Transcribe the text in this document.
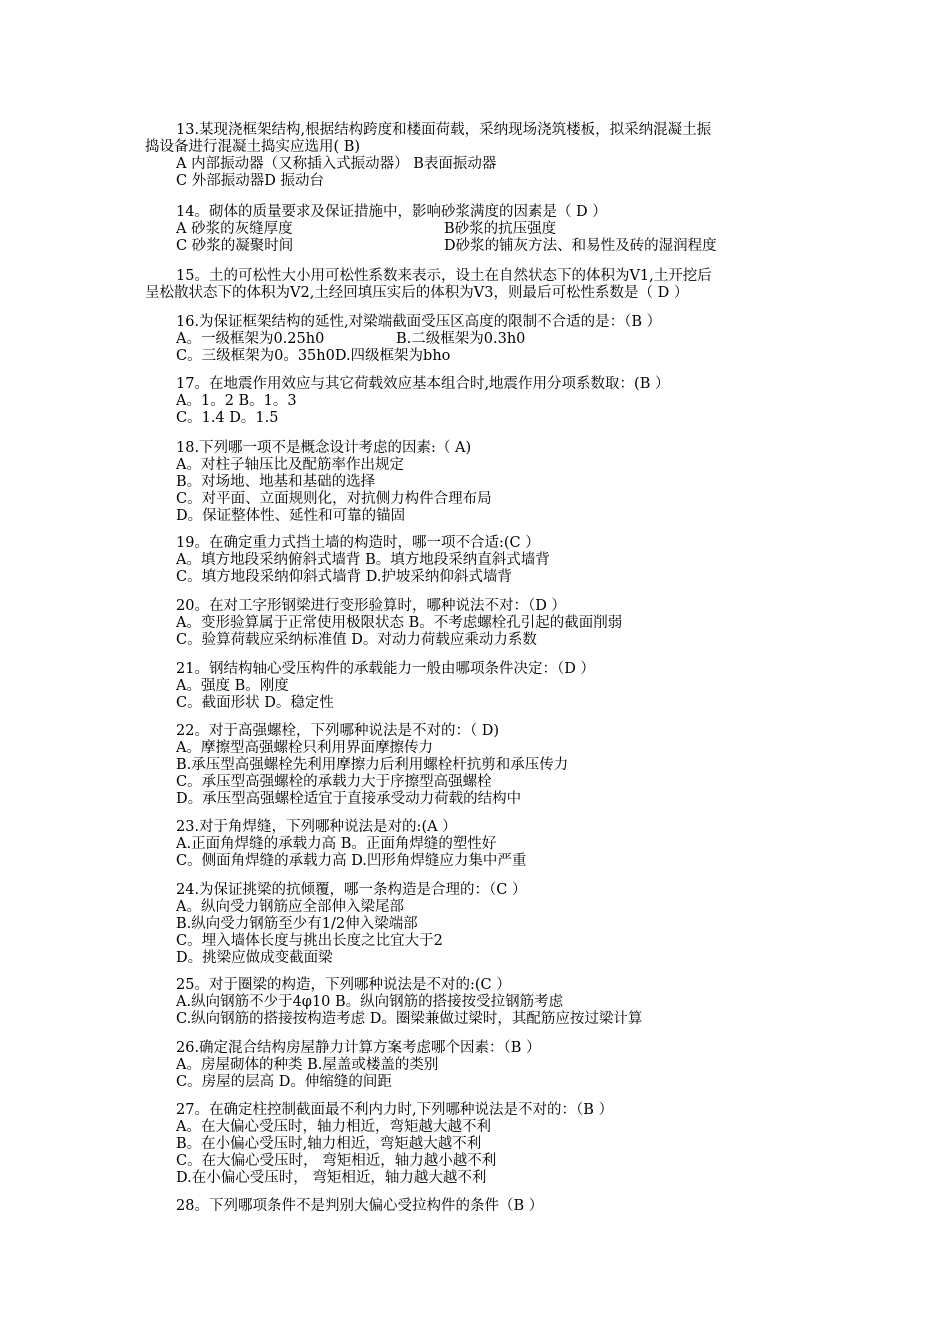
13.某现浇框架结构,根据结构跨度和楼面荷载，采纳现场浇筑楼板，拟采纳混凝土振
捣设备进行混凝土捣实应选用( B)
A 内部振动器（又称插入式振动器） B表面振动器
C 外部振动器D 振动台
14。砌体的质量要求及保证措施中，影响砂浆满度的因素是（ D ）
A 砂浆的灰缝厚度	B砂浆的抗压强度
C 砂浆的凝聚时间	D砂浆的铺灰方法、和易性及砖的湿润程度
15。土的可松性大小用可松性系数来表示，设土在自然状态下的体积为V1,土开挖后
呈松散状态下的体积为V2,土经回填压实后的体积为V3，则最后可松性系数是（ D ）
16.为保证框架结构的延性,对梁端截面受压区高度的限制不合适的是：（B ）
A。一级框架为0.25h0	B.二级框架为0.3h0
C。三级框架为0。35h0D.四级框架为bho
17。在地震作用效应与其它荷载效应基本组合时,地震作用分项系数取：(B ）
A。1。2 B。1。3
C。1.4 D。1.5
18.下列哪一项不是概念设计考虑的因素:（ A)
A。对柱子轴压比及配筋率作出规定
B。对场地、地基和基础的选择
C。对平面、立面规则化，对抗侧力构件合理布局
D。保证整体性、延性和可靠的锚固
19。在确定重力式挡土墙的构造时，哪一项不合适:(C ）
A。填方地段采纳俯斜式墙背 B。填方地段采纳直斜式墙背
C。填方地段采纳仰斜式墙背 D.护坡采纳仰斜式墙背
20。在对工字形钢梁进行变形验算时，哪种说法不对：（D ）
A。变形验算属于正常使用极限状态 B。不考虑螺栓孔引起的截面削弱
C。验算荷载应采纳标准值 D。对动力荷载应乘动力系数
21。钢结构轴心受压构件的承载能力一般由哪项条件决定：（D ）
A。强度 B。刚度
C。截面形状 D。稳定性
22。对于高强螺栓，下列哪种说法是不对的：（ D)
A。摩擦型高强螺栓只利用界面摩擦传力
B.承压型高强螺栓先利用摩擦力后利用螺栓杆抗剪和承压传力
C。承压型高强螺栓的承载力大于序擦型高强螺栓
D。承压型高强螺栓适宜于直接承受动力荷载的结构中
23.对于角焊缝，下列哪种说法是对的:(A ）
A.正面角焊缝的承载力高 B。正面角焊缝的塑性好
C。侧面角焊缝的承载力高 D.凹形角焊缝应力集中严重
24.为保证挑梁的抗倾覆，哪一条构造是合理的：（C ）
A。纵向受力钢筋应全部伸入梁尾部
B.纵向受力钢筋至少有1/2伸入梁端部
C。埋入墙体长度与挑出长度之比宜大于2
D。挑梁应做成变截面梁
25。对于圈梁的构造，下列哪种说法是不对的:(C ）
A.纵向钢筋不少于4φ10 B。纵向钢筋的搭接按受拉钢筋考虑
C.纵向钢筋的搭接按构造考虑 D。圈梁兼做过梁时，其配筋应按过梁计算
26.确定混合结构房屋静力计算方案考虑哪个因素：（B ）
A。房屋砌体的种类 B.屋盖或楼盖的类别
C。房屋的层高 D。伸缩缝的间距
27。在确定柱控制截面最不利内力时,下列哪种说法是不对的：（B ）
A。在大偏心受压时，轴力相近，弯矩越大越不利
B。在小偏心受压时,轴力相近，弯矩越大越不利
C。在大偏心受压时， 弯矩相近，轴力越小越不利
D.在小偏心受压时， 弯矩相近，轴力越大越不利
28。下列哪项条件不是判别大偏心受拉构件的条件（B ）
